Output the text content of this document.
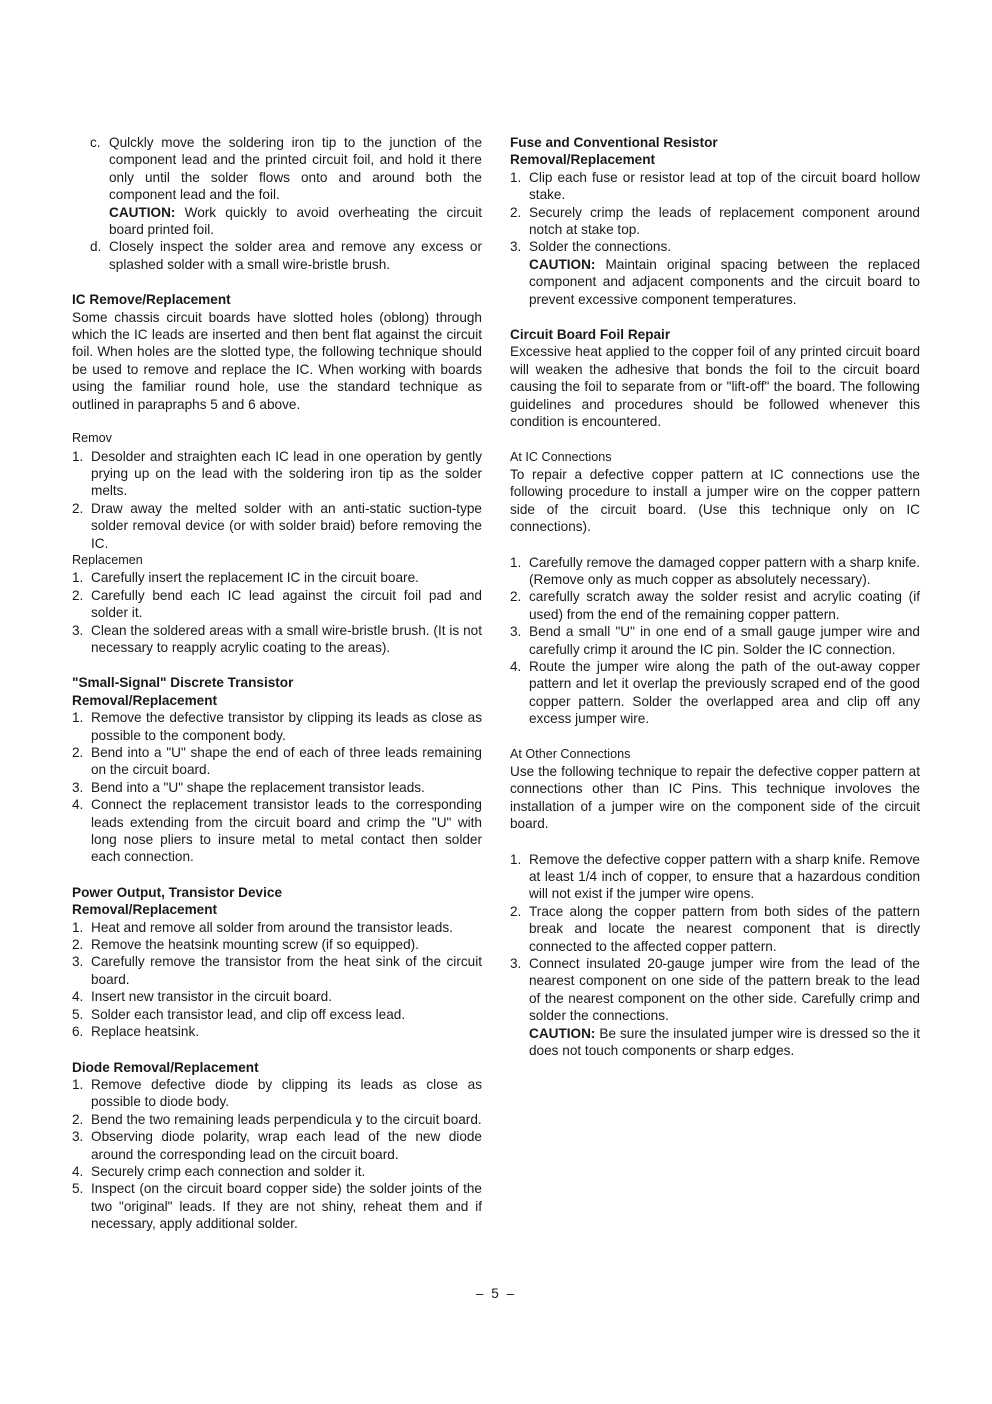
c. Qulckly move the soldering iron tip to the junction of the component lead and the printed circuit foil, and hold it there only until the solder flows onto and around both the component lead and the foil.
CAUTION: Work quickly to avoid overheating the circuit board printed foil.
d. Closely inspect the solder area and remove any excess or splashed solder with a small wire-bristle brush.

IC Remove/Replacement

Some chassis circuit boards have slotted holes (oblong) through which the IC leads are inserted and then bent flat against the circuit foil. When holes are the slotted type, the following technique should be used to remove and replace the IC. When working with boards using the familiar round hole, use the standard technique as outlined in parapraphs 5 and 6 above.

Remov

1. Desolder and straighten each IC lead in one operation by gently prying up on the lead with the soldering iron tip as the solder melts.
2. Draw away the melted solder with an anti-static suction-type solder removal device (or with solder braid) before removing the IC.

Replacemen

1. Carefully insert the replacement IC in the circuit boare.
2. Carefully bend each IC lead against the circuit foil pad and solder it.
3. Clean the soldered areas with a small wire-bristle brush. (It is not necessary to reapply acrylic coating to the areas).

"Small-Signal" Discrete Transistor

Removal/Replacement

1. Remove the defective transistor by clipping its leads as close as possible to the component body.
2. Bend into a "U" shape the end of each of three leads remaining on the circuit board.
3. Bend into a "U" shape the replacement transistor leads.
4. Connect the replacement transistor leads to the corresponding leads extending from the circuit board and crimp the "U" with long nose pliers to insure metal to metal contact then solder each connection.

Power Output, Transistor Device

Removal/Replacement

1. Heat and remove all solder from around the transistor leads.
2. Remove the heatsink mounting screw (if so equipped).
3. Carefully remove the transistor from the heat sink of the circuit board.
4. Insert new transistor in the circuit board.
5. Solder each transistor lead, and clip off excess lead.
6. Replace heatsink.

Diode Removal/Replacement

1. Remove defective diode by clipping its leads as close as possible to diode body.
2. Bend the two remaining leads perpendicula y to the circuit board.
3. Observing diode polarity, wrap each lead of the new diode around the corresponding lead on the circuit board.
4. Securely crimp each connection and solder it.
5. Inspect (on the circuit board copper side) the solder joints of the two "original" leads. If they are not shiny, reheat them and if necessary, apply additional solder.

Fuse and Conventional Resistor

Removal/Replacement

1. Clip each fuse or resistor lead at top of the circuit board hollow stake.
2. Securely crimp the leads of replacement component around notch at stake top.
3. Solder the connections.
CAUTION: Maintain original spacing between the replaced component and adjacent components and the circuit board to prevent excessive component temperatures.

Circuit Board Foil Repair

Excessive heat applied to the copper foil of any printed circuit board will weaken the adhesive that bonds the foil to the circuit board causing the foil to separate from or "lift-off" the board. The following guidelines and procedures should be followed whenever this condition is encountered.

At IC Connections

To repair a defective copper pattern at IC connections use the following procedure to install a jumper wire on the copper pattern side of the circuit board. (Use this technique only on IC connections).

1. Carefully remove the damaged copper pattern with a sharp knife. (Remove only as much copper as absolutely necessary).
2. carefully scratch away the solder resist and acrylic coating (if used) from the end of the remaining copper pattern.
3. Bend a small "U" in one end of a small gauge jumper wire and carefully crimp it around the IC pin. Solder the IC connection.
4. Route the jumper wire along the path of the out-away copper pattern and let it overlap the previously scraped end of the good copper pattern. Solder the overlapped area and clip off any excess jumper wire.

At Other Connections

Use the following technique to repair the defective copper pattern at connections other than IC Pins. This technique involoves the installation of a jumper wire on the component side of the circuit board.

1. Remove the defective copper pattern with a sharp knife. Remove at least 1/4 inch of copper, to ensure that a hazardous condition will not exist if the jumper wire opens.
2. Trace along the copper pattern from both sides of the pattern break and locate the nearest component that is directly connected to the affected copper pattern.
3. Connect insulated 20-gauge jumper wire from the lead of the nearest component on one side of the pattern break to the lead of the nearest component on the other side. Carefully crimp and solder the connections.
CAUTION: Be sure the insulated jumper wire is dressed so the it does not touch components or sharp edges.
– 5 –
